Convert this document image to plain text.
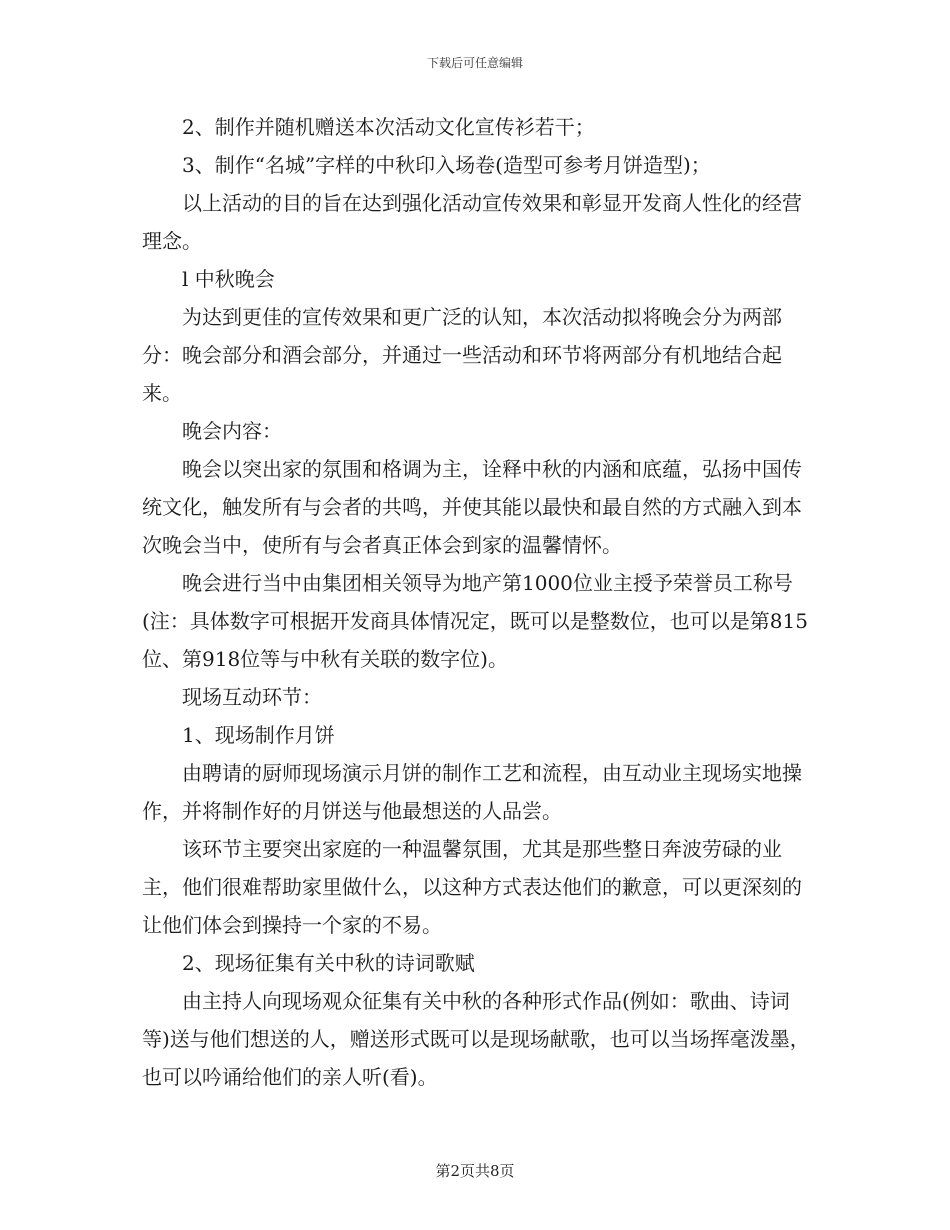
下载后可任意编辑

2、制作并随机赠送本次活动文化宣传衫若干；

3、制作“名城”字样的中秋印入场卷(造型可参考月饼造型)；

以上活动的目的旨在达到强化活动宣传效果和彰显开发商人性化的经营理念。

l 中秋晚会

为达到更佳的宣传效果和更广泛的认知，本次活动拟将晚会分为两部分：晚会部分和酒会部分，并通过一些活动和环节将两部分有机地结合起来。

晚会内容：

晚会以突出家的氛围和格调为主，诠释中秋的内涵和底蕴，弘扬中国传统文化，触发所有与会者的共鸣，并使其能以最快和最自然的方式融入到本次晚会当中，使所有与会者真正体会到家的温馨情怀。

晚会进行当中由集团相关领导为地产第1000位业主授予荣誉员工称号(注：具体数字可根据开发商具体情况定，既可以是整数位，也可以是第815位、第918位等与中秋有关联的数字位)。

现场互动环节：

1、现场制作月饼

由聘请的厨师现场演示月饼的制作工艺和流程，由互动业主现场实地操作，并将制作好的月饼送与他最想送的人品尝。

该环节主要突出家庭的一种温馨氛围，尤其是那些整日奔波劳碌的业主，他们很难帮助家里做什么，以这种方式表达他们的歉意，可以更深刻的让他们体会到操持一个家的不易。

2、现场征集有关中秋的诗词歌赋

由主持人向现场观众征集有关中秋的各种形式作品(例如：歌曲、诗词等)送与他们想送的人，赠送形式既可以是现场献歌，也可以当场挥毫泼墨，也可以吟诵给他们的亲人听(看)。

第2页共8页
